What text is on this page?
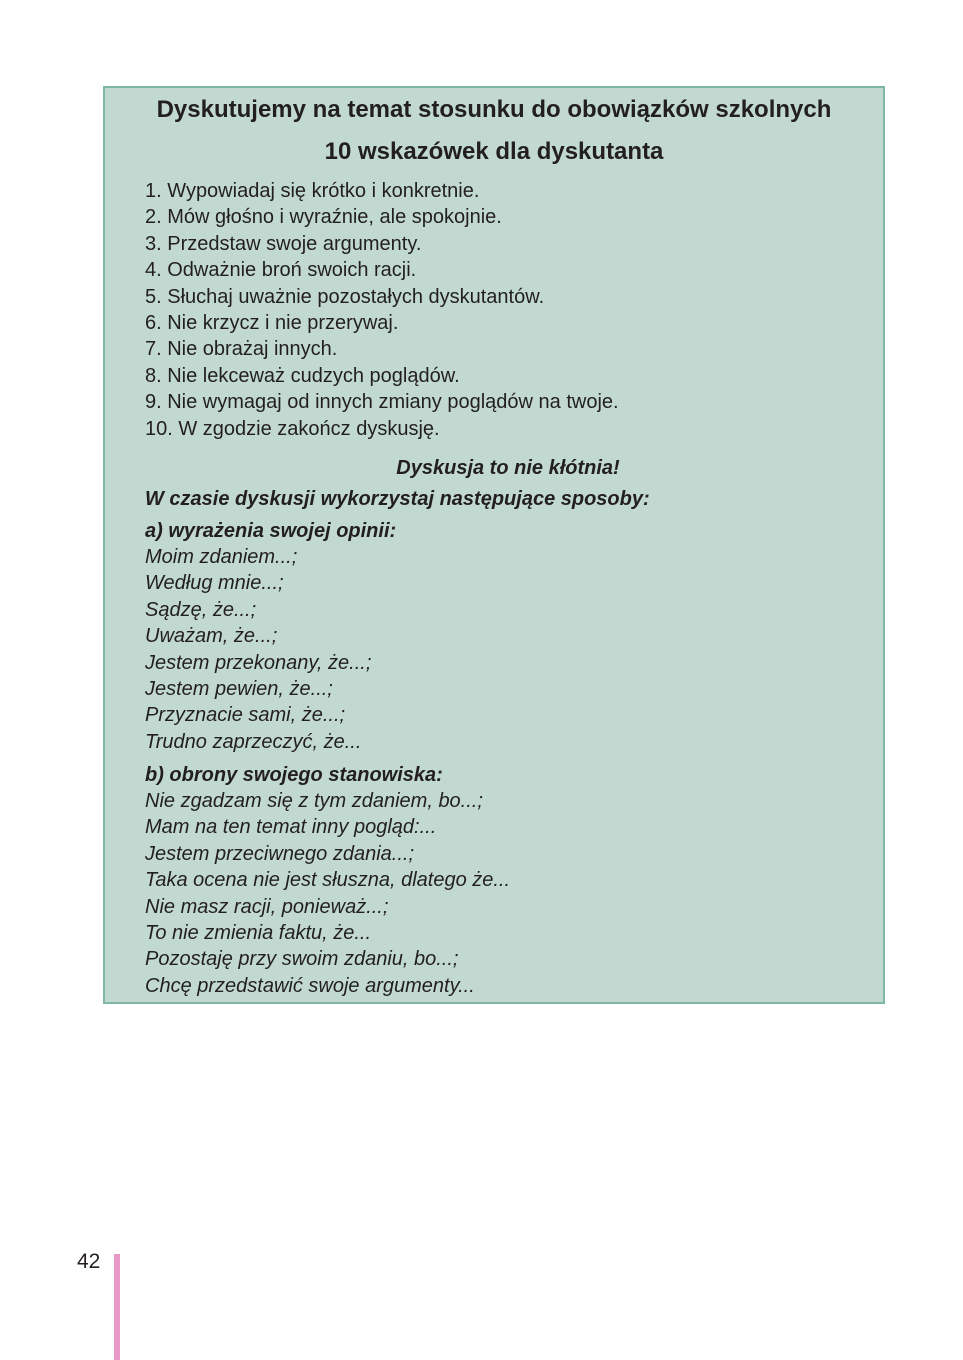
Dyskutujemy na temat stosunku do obowiązków szkolnych
10 wskazówek dla dyskutanta
1. Wypowiadaj się krótko i konkretnie.
2. Mów głośno i wyraźnie, ale spokojnie.
3. Przedstaw swoje argumenty.
4. Odważnie broń swoich racji.
5. Słuchaj uważnie pozostałych dyskutantów.
6. Nie krzycz i nie przerywaj.
7. Nie obrażaj innych.
8. Nie lekceważ cudzych poglądów.
9. Nie wymagaj od innych zmiany poglądów na twoje.
10. W zgodzie zakończ dyskusję.

Dyskusja to nie kłótnia!

W czasie dyskusji wykorzystaj następujące sposoby:

a) wyrażenia swojej opinii:

Moim zdaniem...;
Według mnie...;
Sądzę, że...;
Uważam, że...;
Jestem przekonany, że...;
Jestem pewien, że...;
Przyznacie sami, że...;
Trudno zaprzeczyć, że...

b) obrony swojego stanowiska:

Nie zgadzam się z tym zdaniem, bo...;
Mam na ten temat inny pogląd:...
Jestem przeciwnego zdania...;
Taka ocena nie jest słuszna, dlatego że...
Nie masz racji, ponieważ...;
To nie zmienia faktu, że...
Pozostaję przy swoim zdaniu, bo...;
Chcę przedstawić swoje argumenty...
42
